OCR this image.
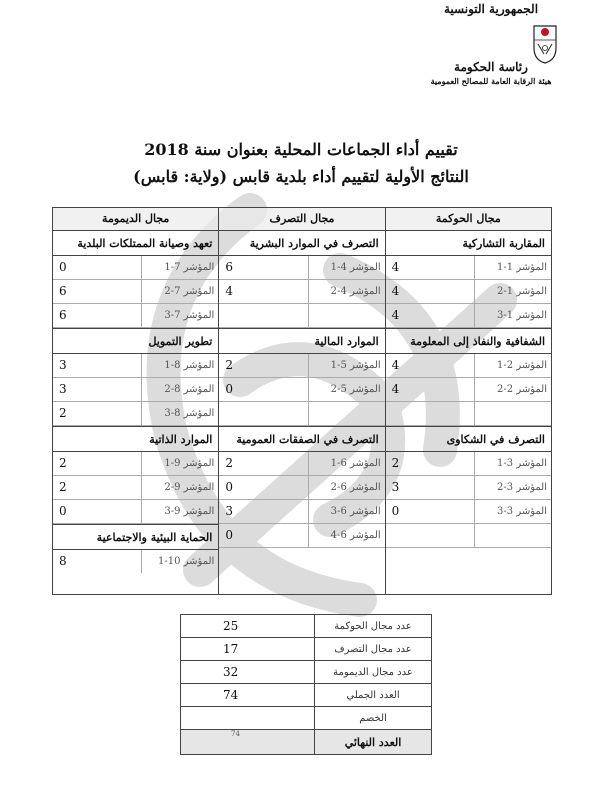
الجمهورية التونسية
رئاسة الحكومة
هيئة الرقابة العامة للمصالح العمومية
تقييم أداء الجماعات المحلية بعنوان سنة 2018
النتائج الأولية لتقييم أداء بلدية قابس (ولاية: قابس)
مجال الحوكمة
مجال التصرف
مجال الديمومة
المقاربة التشاركية
المؤشر 1-1
4
المؤشر 1-2
4
المؤشر 1-3
4
الشفافية والنفاذ إلى المعلومة
المؤشر 2-1
4
المؤشر 2-2
4
التصرف في الشكاوى
المؤشر 3-1
2
المؤشر 3-2
3
المؤشر 3-3
0
التصرف في الموارد البشرية
المؤشر 4-1
6
المؤشر 4-2
4
الموارد المالية
المؤشر 5-1
2
المؤشر 5-2
0
التصرف في الصفقات العمومية
المؤشر 6-1
2
المؤشر 6-2
0
المؤشر 6-3
3
المؤشر 6-4
0
تعهد وصيانة الممتلكات البلدية
المؤشر 7-1
0
المؤشر 7-2
6
المؤشر 7-3
6
تطوير التمويل
المؤشر 8-1
3
المؤشر 8-2
3
المؤشر 8-3
2
الموارد الذاتية
المؤشر 9-1
2
المؤشر 9-2
2
المؤشر 9-3
0
الحماية البيئية والاجتماعية
المؤشر 10-1
8
25	عدد مجال الحوكمة
17	عدد مجال التصرف
32	عدد مجال الديمومة
74	العدد الجملي
	الخصم
74	العدد النهائي
